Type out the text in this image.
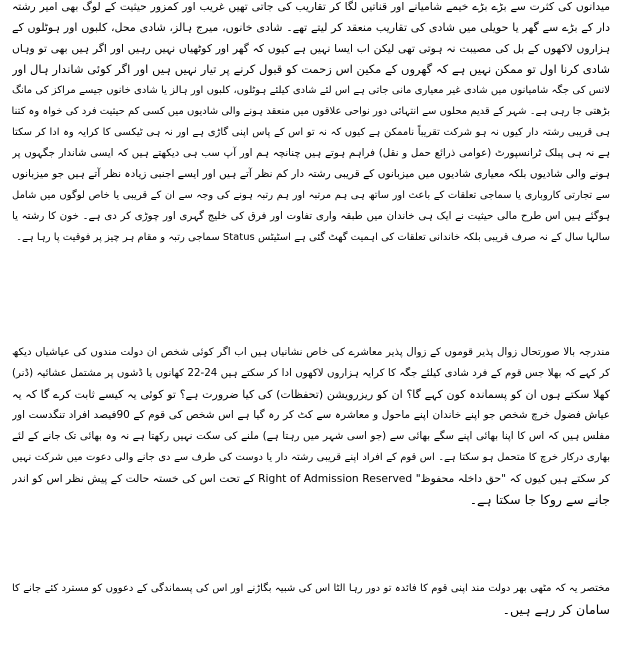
میدانوں کی کثرت سے بڑے بڑے خیمے شامیانے اور قناتیں لگا کر تقاریب کی جاتی تھیں غریب اور کمزور حیثیت کے لوگ بھی امیر رشتہ
دار کے بڑے سے گھر یا حویلی میں شادی کی تقاریب منعقد کر لیتے تھے۔ شادی خانوں، میرج ہالز، شادی محل، کلبوں اور ہوٹلوں کے
ہزاروں لاکھوں کے بل کی مصیبت نہ ہوتی تھی لیکن اب ایسا نہیں ہے کیوں کہ گھر اور کوٹھیاں نہیں رہیں اور اگر ہیں بھی تو وہاں
شادی کرنا اول تو ممکن نہیں ہے کہ گھروں کے مکین اس زحمت کو قبول کرنے پر تیار نہیں ہیں اور اگر کوئی شاندار ہال اور
لانس کی جگہ شامیانوں میں شادی غیر معیاری مانی جاتی ہے اس لئے شادی کیلئے ہوٹلوں، کلبوں اور ہالز یا شادی خانوں جیسے مراکز کی مانگ
بڑھتی جا رہی ہے۔ شہر کے قدیم محلوں سے انتہائی دور نواحی علاقوں میں منعقد ہونے والی شادیوں میں کسی کم حیثیت فرد کی خواہ وہ کتنا
ہی قریبی رشتہ دار کیوں نہ ہو شرکت تقریباً ناممکن ہے کیوں کہ نہ تو اس کے پاس اپنی گاڑی ہے اور نہ ہی ٹیکسی کا کرایہ وہ ادا کر سکتا
ہے نہ ہی پبلک ٹرانسپورٹ (عوامی ذرائع حمل و نقل) فراہم ہوتے ہیں چنانچہ ہم اور آپ سب ہی دیکھتے ہیں کہ ایسی شاندار جگہوں پر
ہونے والی شادیوں بلکہ معیاری شادیوں میں میزبانوں کے قریبی رشتہ دار کم نظر آتے ہیں اور ایسے اجنبی زیادہ نظر آتے ہیں جو میزبانوں
سے تجارتی کاروباری یا سماجی تعلقات کے باعث اور ساتھ ہی ہم مرتبہ اور ہم رتبہ ہونے کی وجہ سے ان کے قریبی یا خاص لوگوں میں شامل
ہوگئے ہیں اس طرح مالی حیثیت نے ایک ہی خاندان میں طبقہ واری تفاوت اور فرق کی خلیج گہری اور چوڑی کر دی ہے۔ خون کا رشتہ یا
سالہا سال کے نہ صرف قریبی بلکہ خاندانی تعلقات کی اہمیت گھٹ گئی ہے اسٹیٹس Status سماجی رتبہ و مقام ہر چیز پر فوقیت پا رہا ہے۔
مندرجہ بالا صورتحال زوال پذیر قوموں کے زوال پذیر معاشرے کی خاص نشانیاں ہیں اب اگر کوئی شخص ان دولت مندوں کی عیاشیاں دیکھ
کر کہے کہ بھلا جس قوم کے فرد شادی کیلئے جگہ کا کرایہ ہزاروں لاکھوں ادا کر سکتے ہیں 24-22 کھانوں یا ڈشوں پر مشتمل عشائیہ (ڈنر)
کھلا سکتے ہوں ان کو پسماندہ کون کہے گا؟ ان کو ریزرویشن (تحفظات) کی کیا ضرورت ہے؟ تو کوئی یہ کیسے ثابت کرے گا کہ یہ
عیاش فضول خرچ شخص جو اپنے خاندان اپنے ماحول و معاشرہ سے کٹ کر رہ گیا ہے اس شخص کی قوم کے 90فیصد افراد تنگدست اور
مفلس ہیں کہ اس کا اپنا بھائی اپنے سگے بھائی سے (جو اسی شہر میں رہتا ہے) ملنے کی سکت نہیں رکھتا ہے نہ وہ بھائی تک جانے کے لئے
بھاری درکار خرچ کا متحمل ہو سکتا ہے۔ اس قوم کے افراد اپنے قریبی رشتہ دار یا دوست کی طرف سے دی جانے والی دعوت میں شرکت نہیں
کر سکتے ہیں کیوں کہ "حق داخلہ محفوظ" Right of Admission Reserved کے تحت اس کی خستہ حالت کے پیش نظر اس کو اندر
جانے سے روکا جا سکتا ہے۔
مختصر یہ کہ مٹھی بھر دولت مند اپنی قوم کا فائدہ تو دور رہا الٹا اس کی شبیہ بگاڑنے اور اس کی پسماندگی کے دعووں کو مسترد کئے جانے کا
سامان کر رہے ہیں۔
